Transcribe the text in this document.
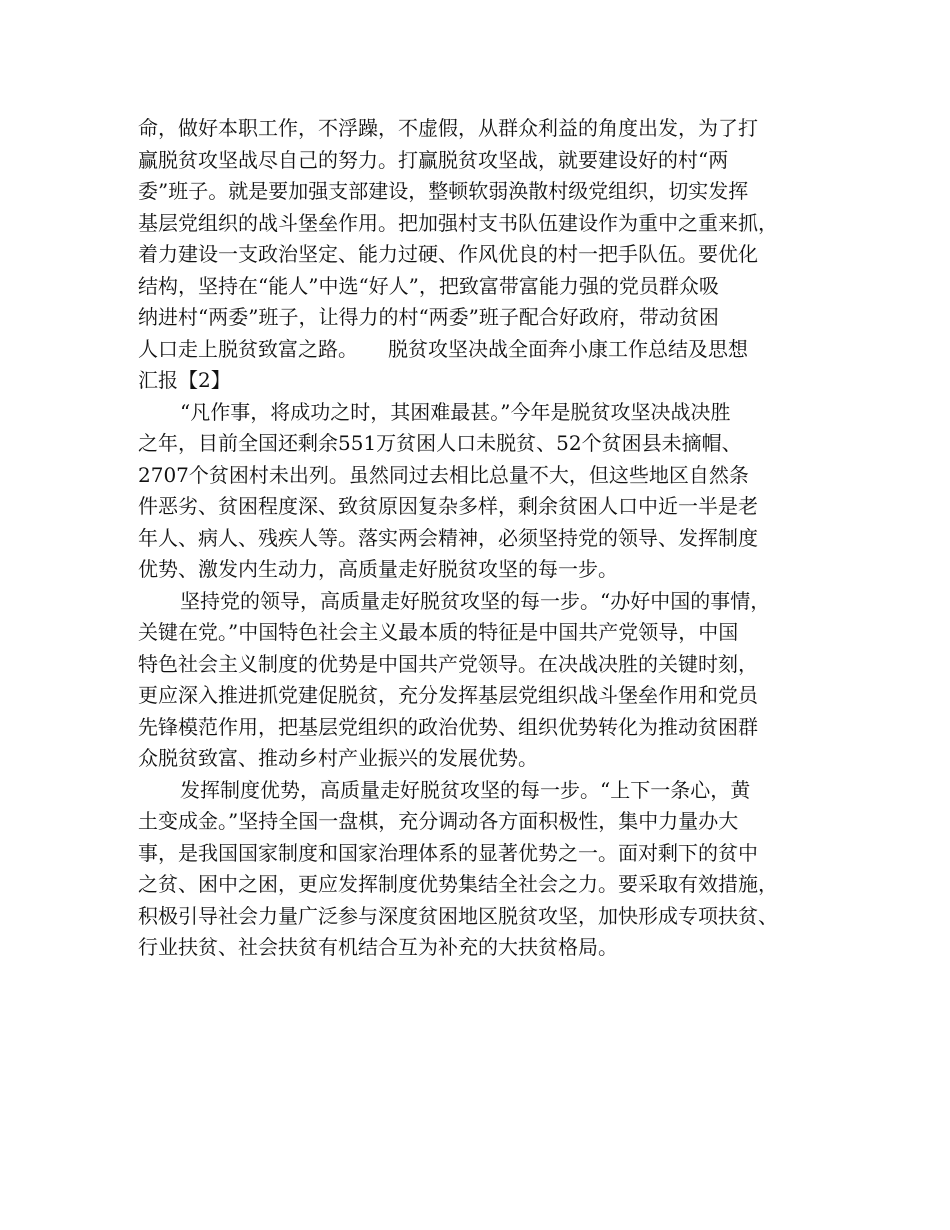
命，做好本职工作，不浮躁，不虚假，从群众利益的角度出发，为了打
赢脱贫攻坚战尽自己的努力。打赢脱贫攻坚战，就要建设好的村“两
委”班子。就是要加强支部建设，整顿软弱涣散村级党组织，切实发挥
基层党组织的战斗堡垒作用。把加强村支书队伍建设作为重中之重来抓，
着力建设一支政治坚定、能力过硬、作风优良的村一把手队伍。要优化
结构，坚持在“能人”中选“好人”，把致富带富能力强的党员群众吸
纳进村“两委”班子，让得力的村“两委”班子配合好政府，带动贫困
人口走上脱贫致富之路。　　脱贫攻坚决战全面奔小康工作总结及思想
汇报【2】

“凡作事，将成功之时，其困难最甚。”今年是脱贫攻坚决战决胜
之年，目前全国还剩余551万贫困人口未脱贫、52个贫困县未摘帽、
2707个贫困村未出列。虽然同过去相比总量不大，但这些地区自然条
件恶劣、贫困程度深、致贫原因复杂多样，剩余贫困人口中近一半是老
年人、病人、残疾人等。落实两会精神，必须坚持党的领导、发挥制度
优势、激发内生动力，高质量走好脱贫攻坚的每一步。

坚持党的领导，高质量走好脱贫攻坚的每一步。“办好中国的事情，
关键在党。”中国特色社会主义最本质的特征是中国共产党领导，中国
特色社会主义制度的优势是中国共产党领导。在决战决胜的关键时刻，
更应深入推进抓党建促脱贫，充分发挥基层党组织战斗堡垒作用和党员
先锋模范作用，把基层党组织的政治优势、组织优势转化为推动贫困群
众脱贫致富、推动乡村产业振兴的发展优势。

发挥制度优势，高质量走好脱贫攻坚的每一步。“上下一条心，黄
土变成金。”坚持全国一盘棋，充分调动各方面积极性，集中力量办大
事，是我国国家制度和国家治理体系的显著优势之一。面对剩下的贫中
之贫、困中之困，更应发挥制度优势集结全社会之力。要采取有效措施，
积极引导社会力量广泛参与深度贫困地区脱贫攻坚，加快形成专项扶贫、
行业扶贫、社会扶贫有机结合互为补充的大扶贫格局。
